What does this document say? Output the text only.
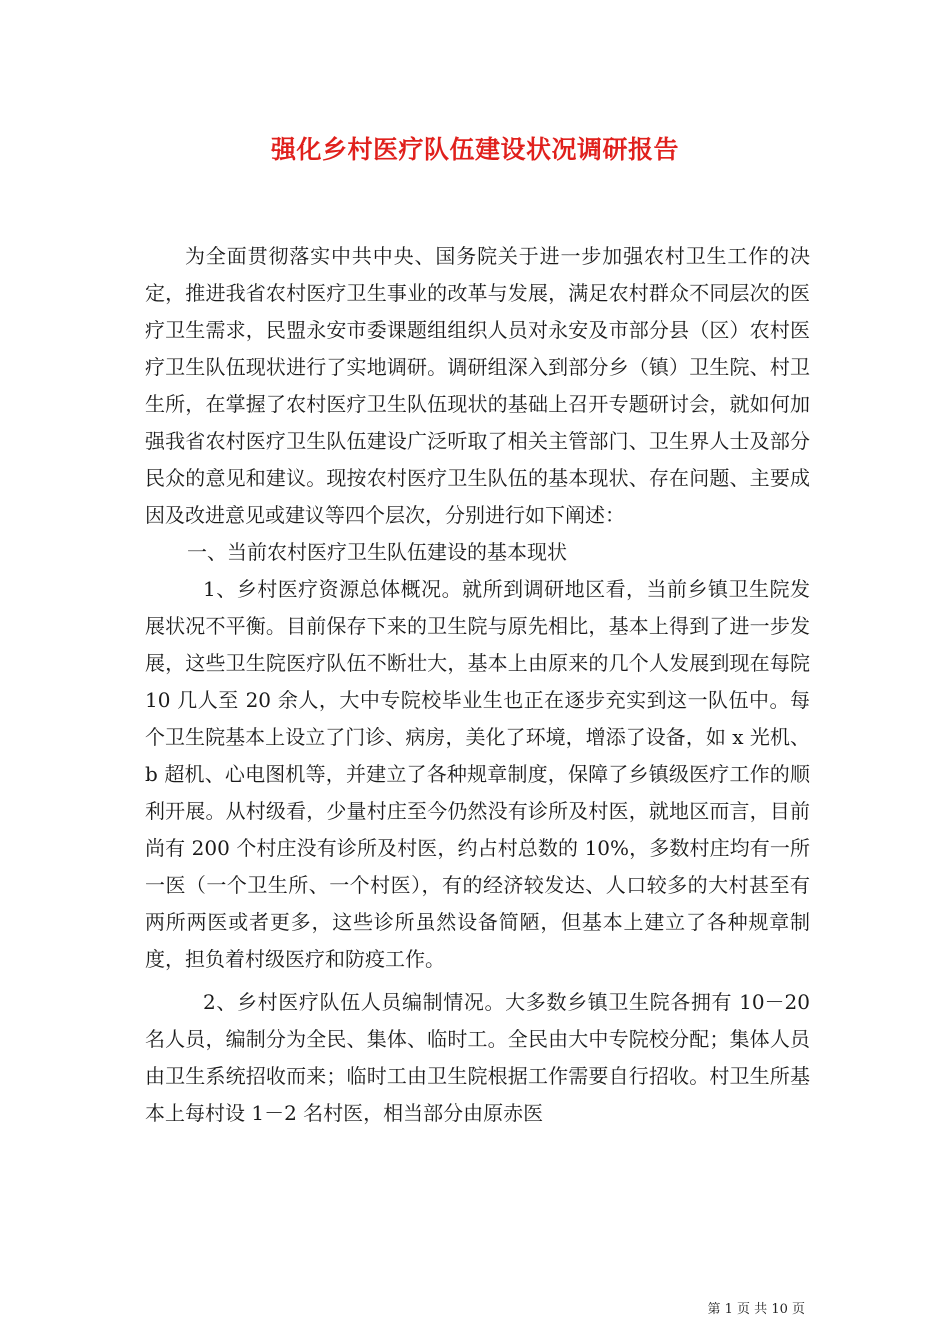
强化乡村医疗队伍建设状况调研报告

为全面贯彻落实中共中央、国务院关于进一步加强农村卫生工作的决定，推进我省农村医疗卫生事业的改革与发展，满足农村群众不同层次的医疗卫生需求，民盟永安市委课题组组织人员对永安及市部分县（区）农村医疗卫生队伍现状进行了实地调研。调研组深入到部分乡（镇）卫生院、村卫生所，在掌握了农村医疗卫生队伍现状的基础上召开专题研讨会，就如何加强我省农村医疗卫生队伍建设广泛听取了相关主管部门、卫生界人士及部分民众的意见和建议。现按农村医疗卫生队伍的基本现状、存在问题、主要成因及改进意见或建议等四个层次，分别进行如下阐述：

一、当前农村医疗卫生队伍建设的基本现状

1、乡村医疗资源总体概况。就所到调研地区看，当前乡镇卫生院发展状况不平衡。目前保存下来的卫生院与原先相比，基本上得到了进一步发展，这些卫生院医疗队伍不断壮大，基本上由原来的几个人发展到现在每院 10 几人至 20 余人，大中专院校毕业生也正在逐步充实到这一队伍中。每个卫生院基本上设立了门诊、病房，美化了环境，增添了设备，如 x 光机、b 超机、心电图机等，并建立了各种规章制度，保障了乡镇级医疗工作的顺利开展。从村级看，少量村庄至今仍然没有诊所及村医，就地区而言，目前尚有 200 个村庄没有诊所及村医，约占村总数的 10%，多数村庄均有一所一医（一个卫生所、一个村医），有的经济较发达、人口较多的大村甚至有两所两医或者更多，这些诊所虽然设备简陋，但基本上建立了各种规章制度，担负着村级医疗和防疫工作。

2、乡村医疗队伍人员编制情况。大多数乡镇卫生院各拥有 10－20 名人员，编制分为全民、集体、临时工。全民由大中专院校分配；集体人员由卫生系统招收而来；临时工由卫生院根据工作需要自行招收。村卫生所基本上每村设 1－2 名村医，相当部分由原赤医

第 1 页 共 10 页
